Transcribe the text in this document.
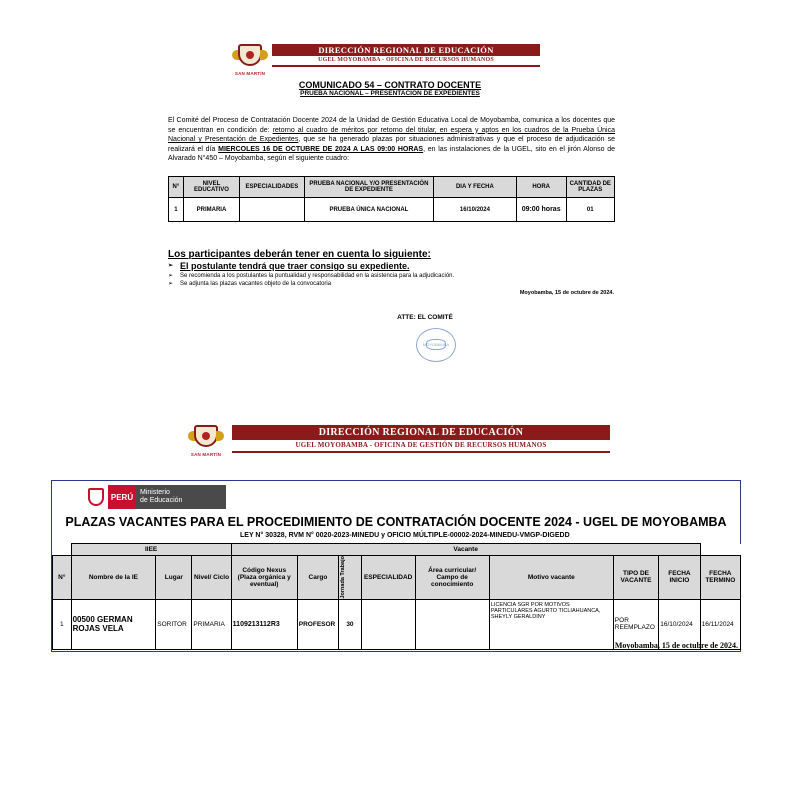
SAN MARTÍN
DIRECCIÓN REGIONAL DE EDUCACIÓN
UGEL MOYOBAMBA - OFICINA DE RECURSOS HUMANOS
COMUNICADO 54 – CONTRATO DOCENTE
PRUEBA NACIONAL – PRESENTACIÓN DE EXPEDIENTES
El Comité del Proceso de Contratación Docente 2024 de la Unidad de Gestión Educativa Local de Moyobamba, comunica a los docentes que se encuentran en condición de: retorno al cuadro de méritos por retorno del titular, en espera y aptos en los cuadros de la Prueba Única Nacional y Presentación de Expedientes, que se ha generado plazas por situaciones administrativas y que el proceso de adjudicación se realizará el día MIERCOLES 16 DE OCTUBRE DE 2024 A LAS 09:00 HORAS, en las instalaciones de la UGEL, sito en el jirón Alonso de Alvarado N°450 – Moyobamba, según el siguiente cuadro:
N°	NIVEL EDUCATIVO	ESPECIALIDADES	PRUEBA NACIONAL Y/O PRESENTACIÓN DE EXPEDIENTE	DIA Y FECHA	HORA	CANTIDAD DE PLAZAS
1	PRIMARIA		PRUEBA ÚNICA NACIONAL	16/10/2024	09:00 horas	01
Los participantes deberán tener en cuenta lo siguiente:
➢ El postulante tendrá que traer consigo su expediente.
➢ Se recomienda a los postulantes la puntualidad y responsabilidad en la asistencia para la adjudicación.
➢ Se adjunta las plazas vacantes objeto de la convocatoria
Moyobamba, 15 de octubre de 2024.
ATTE: EL COMITÉ
MOYOBAMBA
SAN MARTÍN
DIRECCIÓN REGIONAL DE EDUCACIÓN
UGEL MOYOBAMBA - OFICINA DE GESTIÓN DE RECURSOS HUMANOS
PERÚ Ministerio
de Educación
PLAZAS VACANTES PARA EL PROCEDIMIENTO DE CONTRATACIÓN DOCENTE 2024 - UGEL DE MOYOBAMBA
LEY N° 30328, RVM N° 0020-2023-MINEDU y OFICIO MÚLTIPLE-00002-2024-MINEDU-VMGP-DIGEDD
	IIEE			Vacante								
N°	Nombre de la IE	Lugar	Nivel/ Ciclo	Código Nexus (Plaza orgánica y eventual)	Cargo	Jornada Trabajo	ESPECIALIDAD	Área curricular/ Campo de conocimiento	Motivo vacante	TIPO DE VACANTE	FECHA INICIO	FECHA TERMINO
1	00500 GERMAN ROJAS VELA	SORITOR	PRIMARIA	1109213112R3	PROFESOR	30			LICENCIA SGR POR MOTIVOS PARTICULARES AGURTO TICLIAHUANCA, SHEYLY GERALDINY	POR REEMPLAZO	16/10/2024	16/11/2024
Moyobamba, 15 de octubre de 2024.
